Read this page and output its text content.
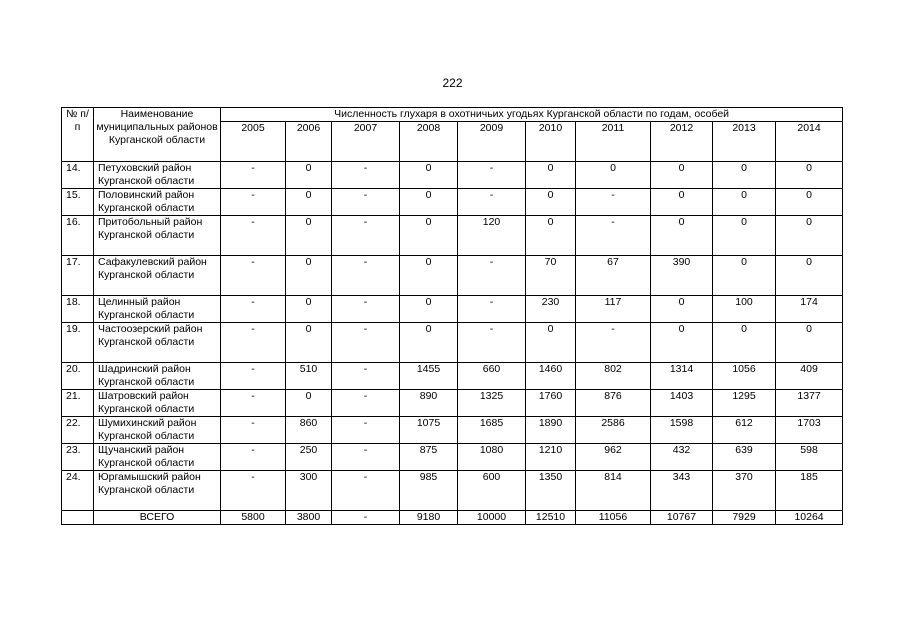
222
№ п/п	Наименование муниципальных районов Курганской области	Численность глухаря в охотничьих угодьях Курганской области по годам, особей									
		2005	2006	2007	2008	2009	2010	2011	2012	2013	2014
14.	Петуховский район Курганской области	-	0	-	0	-	0	0	0	0	0
15.	Половинский район Курганской области	-	0	-	0	-	0	-	0	0	0
16.	Притобольный район Курганской области	-	0	-	0	120	0	-	0	0	0
17.	Сафакулевский район Курганской области	-	0	-	0	-	70	67	390	0	0
18.	Целинный район Курганской области	-	0	-	0	-	230	117	0	100	174
19.	Частоозерский район Курганской области	-	0	-	0	-	0	-	0	0	0
20.	Шадринский район Курганской области	-	510	-	1455	660	1460	802	1314	1056	409
21.	Шатровский район Курганской области	-	0	-	890	1325	1760	876	1403	1295	1377
22.	Шумихинский район Курганской области	-	860	-	1075	1685	1890	2586	1598	612	1703
23.	Щучанский район Курганской области	-	250	-	875	1080	1210	962	432	639	598
24.	Юргамышский район Курганской области	-	300	-	985	600	1350	814	343	370	185
	ВСЕГО	5800	3800	-	9180	10000	12510	11056	10767	7929	10264
